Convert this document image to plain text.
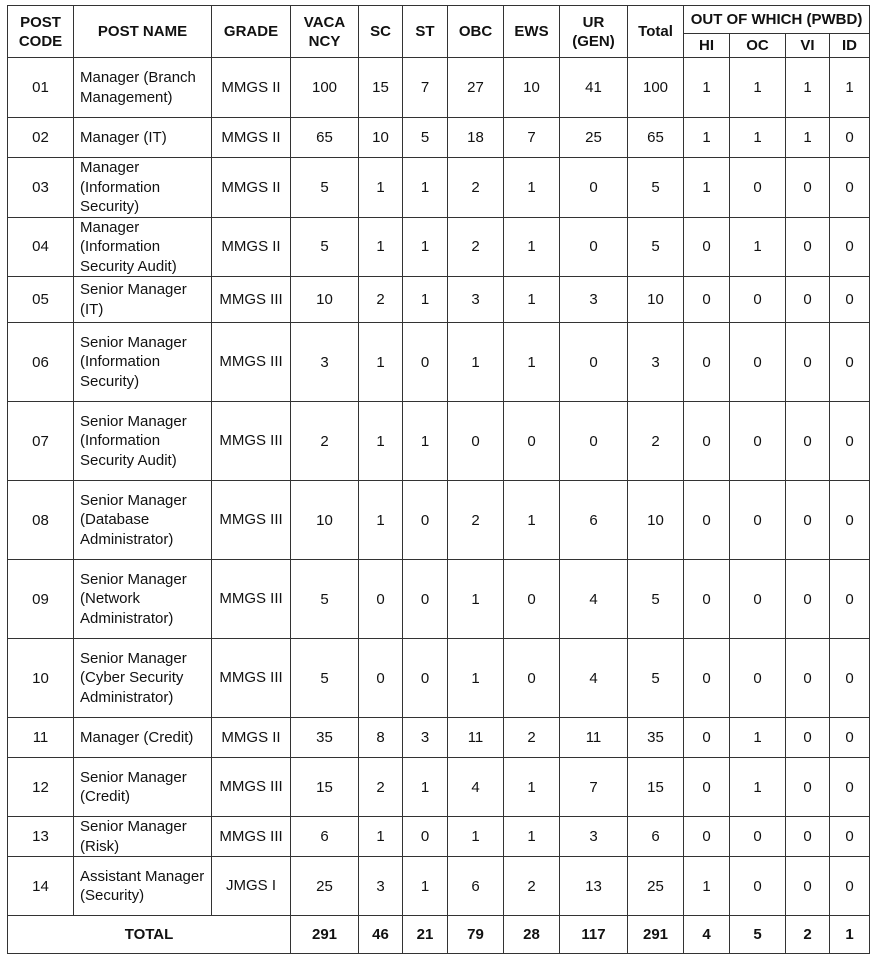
POST CODE	POST NAME	GRADE	VACA NCY	SC	ST	OBC	EWS	UR (GEN)	Total	OUT OF WHICH (PWBD)			
										HI	OC	VI	ID
01	Manager (Branch Management)	MMGS II	100	15	7	27	10	41	100	1	1	1	1
02	Manager (IT)	MMGS II	65	10	5	18	7	25	65	1	1	1	0
03	Manager (Information Security)	MMGS II	5	1	1	2	1	0	5	1	0	0	0
04	Manager (Information Security Audit)	MMGS II	5	1	1	2	1	0	5	0	1	0	0
05	Senior Manager (IT)	MMGS III	10	2	1	3	1	3	10	0	0	0	0
06	Senior Manager (Information Security)	MMGS III	3	1	0	1	1	0	3	0	0	0	0
07	Senior Manager (Information Security Audit)	MMGS III	2	1	1	0	0	0	2	0	0	0	0
08	Senior Manager (Database Administrator)	MMGS III	10	1	0	2	1	6	10	0	0	0	0
09	Senior Manager (Network Administrator)	MMGS III	5	0	0	1	0	4	5	0	0	0	0
10	Senior Manager (Cyber Security Administrator)	MMGS III	5	0	0	1	0	4	5	0	0	0	0
11	Manager (Credit)	MMGS II	35	8	3	11	2	11	35	0	1	0	0
12	Senior Manager (Credit)	MMGS III	15	2	1	4	1	7	15	0	1	0	0
13	Senior Manager (Risk)	MMGS III	6	1	0	1	1	3	6	0	0	0	0
14	Assistant Manager (Security)	JMGS I	25	3	1	6	2	13	25	1	0	0	0
TOTAL			291	46	21	79	28	117	291	4	5	2	1
